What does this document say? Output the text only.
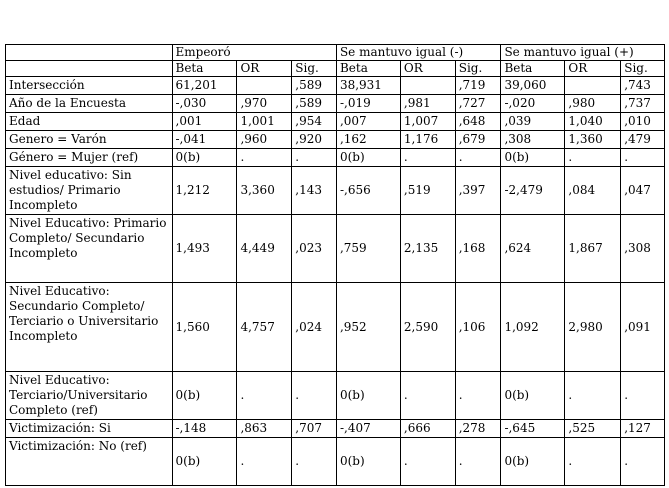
	Empeoró			Se mantuvo igual (-)			Se mantuvo igual (+)		
	Beta	OR	Sig.	Beta	OR	Sig.	Beta	OR	Sig.
Intersección	61,201		,589	38,931		,719	39,060		,743
Año de la Encuesta	-,030	,970	,589	-,019	,981	,727	-,020	,980	,737
Edad	,001	1,001	,954	,007	1,007	,648	,039	1,040	,010
Genero = Varón	-,041	,960	,920	,162	1,176	,679	,308	1,360	,479
Género = Mujer (ref)	0(b)	.	.	0(b)	.	.	0(b)	.	.
Nivel educativo: Sin estudios/ Primario Incompleto	1,212	3,360	,143	-,656	,519	,397	-2,479	,084	,047
Nivel Educativo: Primario Completo/ Secundario Incompleto	1,493	4,449	,023	,759	2,135	,168	,624	1,867	,308
Nivel Educativo: Secundario Completo/ Terciario o Universitario Incompleto	1,560	4,757	,024	,952	2,590	,106	1,092	2,980	,091
Nivel Educativo: Terciario/Universitario Completo (ref)	0(b)	.	.	0(b)	.	.	0(b)	.	.
Victimización: Si	-,148	,863	,707	-,407	,666	,278	-,645	,525	,127
Victimización: No (ref)	0(b)	.	.	0(b)	.	.	0(b)	.	.
